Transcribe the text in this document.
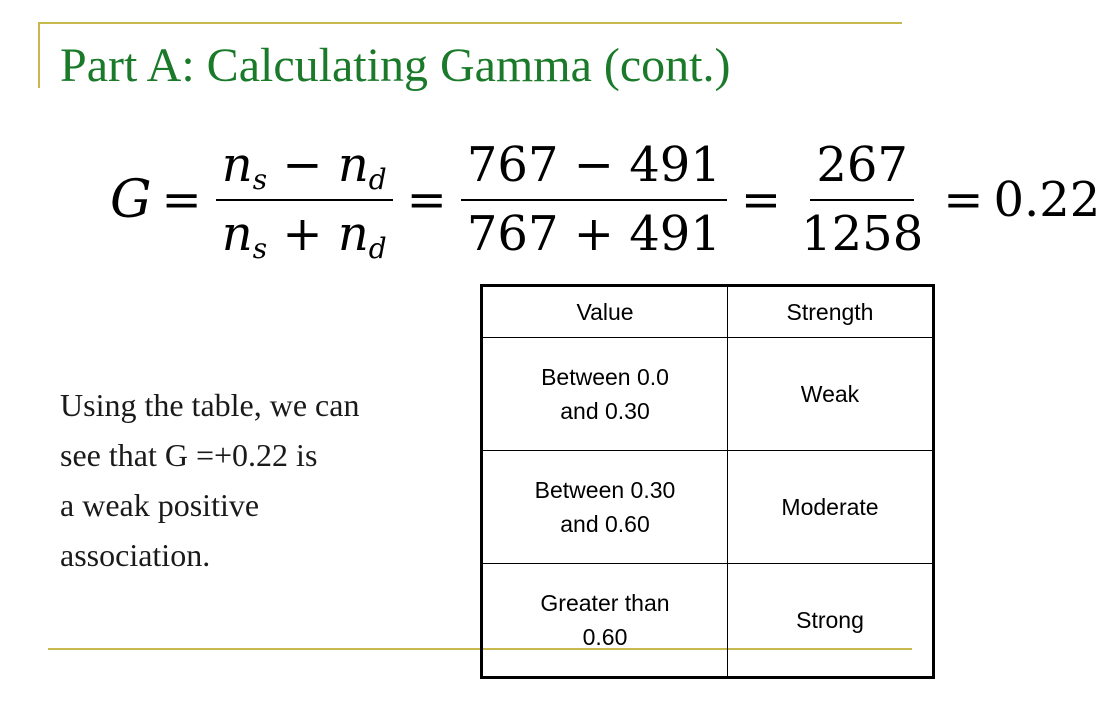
Part A: Calculating Gamma (cont.)
$G = \frac{ns - nd}{ns + nd} = \frac{767 - 491}{767 + 491} = \frac{267}{1258} = 0.22$
Using the table, we can
see that G =+0.22 is
a weak positive
association.
Value	Strength

Between 0.0
and 0.30	Weak

Between 0.30
and 0.60	Moderate

Greater than
0.60	Strong
